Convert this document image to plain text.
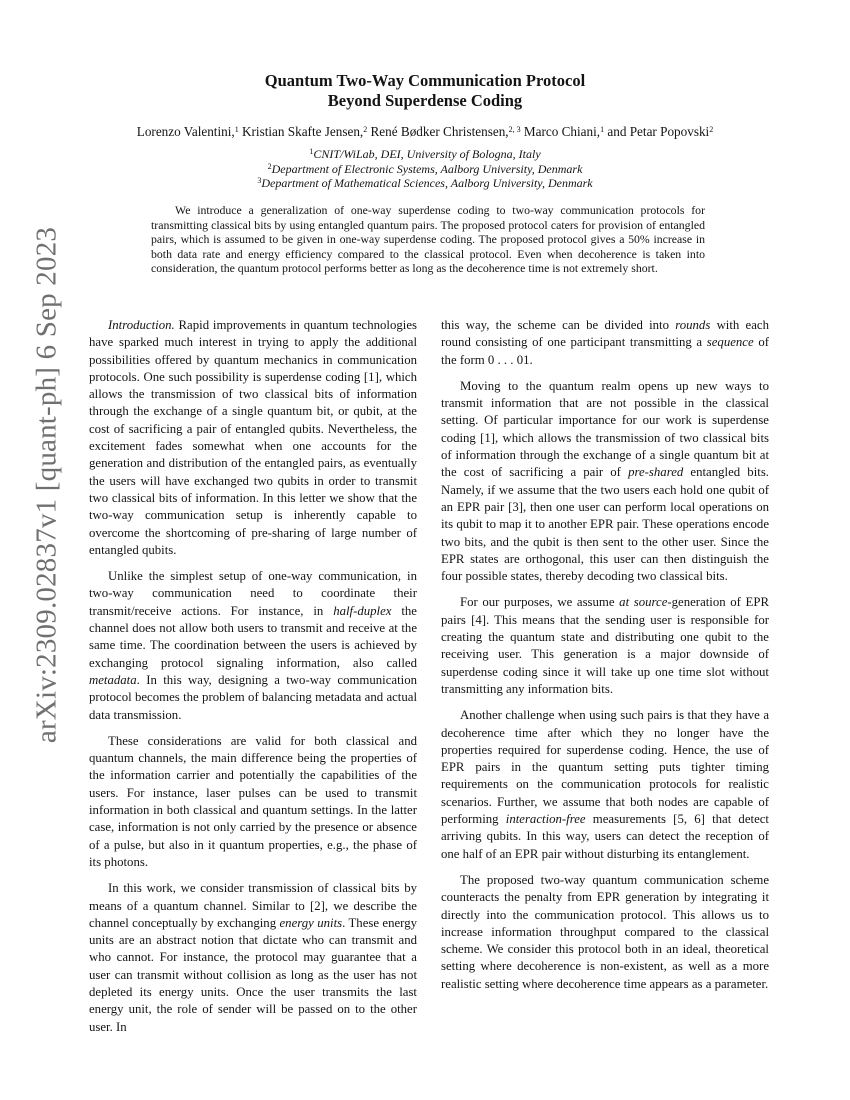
arXiv:2309.02837v1 [quant-ph] 6 Sep 2023
Quantum Two-Way Communication Protocol
Beyond Superdense Coding
Lorenzo Valentini,$^1$ Kristian Skafte Jensen,$^2$ René Bødker Christensen,$^{2, 3}$ Marco Chiani,$^1$ and Petar Popovski$^2$
$^1$CNIT/WiLab, DEI, University of Bologna, Italy
$^2$Department of Electronic Systems, Aalborg University, Denmark
$^3$Department of Mathematical Sciences, Aalborg University, Denmark

We introduce a generalization of one-way superdense coding to two-way communication protocols for transmitting classical bits by using entangled quantum pairs. The proposed protocol caters for provision of entangled pairs, which is assumed to be given in one-way superdense coding. The proposed protocol gives a 50% increase in both data rate and energy efficiency compared to the classical protocol. Even when decoherence is taken into consideration, the quantum protocol performs better as long as the decoherence time is not extremely short.

Introduction. Rapid improvements in quantum technologies have sparked much interest in trying to apply the additional possibilities offered by quantum mechanics in communication protocols. One such possibility is superdense coding [1], which allows the transmission of two classical bits of information through the exchange of a single quantum bit, or qubit, at the cost of sacrificing a pair of entangled qubits. Nevertheless, the excitement fades somewhat when one accounts for the generation and distribution of the entangled pairs, as eventually the users will have exchanged two qubits in order to transmit two classical bits of information. In this letter we show that the two-way communication setup is inherently capable to overcome the shortcoming of pre-sharing of large number of entangled qubits.

Unlike the simplest setup of one-way communication, in two-way communication need to coordinate their transmit/receive actions. For instance, in half-duplex the channel does not allow both users to transmit and receive at the same time. The coordination between the users is achieved by exchanging protocol signaling information, also called metadata. In this way, designing a two-way communication protocol becomes the problem of balancing metadata and actual data transmission.

These considerations are valid for both classical and quantum channels, the main difference being the properties of the information carrier and potentially the capabilities of the users. For instance, laser pulses can be used to transmit information in both classical and quantum settings. In the latter case, information is not only carried by the presence or absence of a pulse, but also in it quantum properties, e.g., the phase of its photons.

In this work, we consider transmission of classical bits by means of a quantum channel. Similar to [2], we describe the channel conceptually by exchanging energy units. These energy units are an abstract notion that dictate who can transmit and who cannot. For instance, the protocol may guarantee that a user can transmit without collision as long as the user has not depleted its energy units. Once the user transmits the last energy unit, the role of sender will be passed on to the other user. In

this way, the scheme can be divided into rounds with each round consisting of one participant transmitting a sequence of the form 0 . . . 01.

Moving to the quantum realm opens up new ways to transmit information that are not possible in the classical setting. Of particular importance for our work is superdense coding [1], which allows the transmission of two classical bits of information through the exchange of a single quantum bit at the cost of sacrificing a pair of pre-shared entangled bits. Namely, if we assume that the two users each hold one qubit of an EPR pair [3], then one user can perform local operations on its qubit to map it to another EPR pair. These operations encode two bits, and the qubit is then sent to the other user. Since the EPR states are orthogonal, this user can then distinguish the four possible states, thereby decoding two classical bits.

For our purposes, we assume at source-generation of EPR pairs [4]. This means that the sending user is responsible for creating the quantum state and distributing one qubit to the receiving user. This generation is a major downside of superdense coding since it will take up one time slot without transmitting any information bits.

Another challenge when using such pairs is that they have a decoherence time after which they no longer have the properties required for superdense coding. Hence, the use of EPR pairs in the quantum setting puts tighter timing requirements on the communication protocols for realistic scenarios. Further, we assume that both nodes are capable of performing interaction-free measurements [5, 6] that detect arriving qubits. In this way, users can detect the reception of one half of an EPR pair without disturbing its entanglement.

The proposed two-way quantum communication scheme counteracts the penalty from EPR generation by integrating it directly into the communication protocol. This allows us to increase information throughput compared to the classical scheme. We consider this protocol both in an ideal, theoretical setting where decoherence is non-existent, as well as a more realistic setting where decoherence time appears as a parameter.
